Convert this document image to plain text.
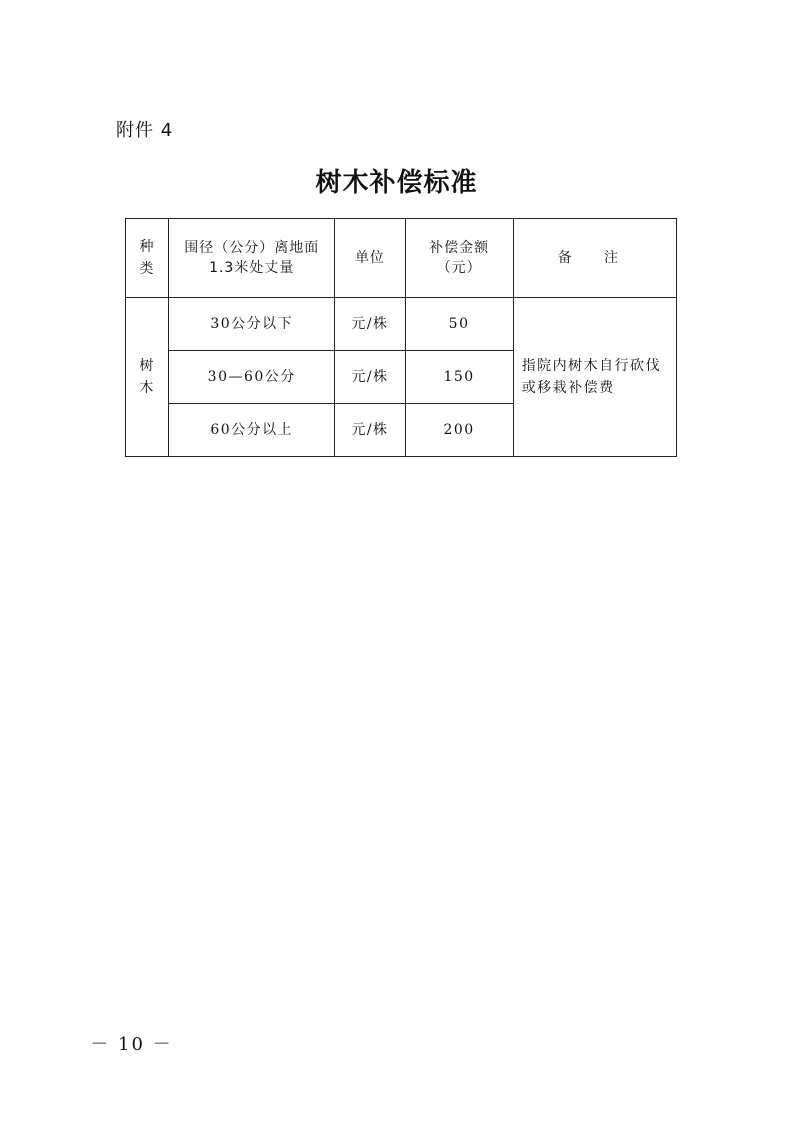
附件 4
树木补偿标准
种类	围径（公分）离地面1.3米处丈量	单位	补偿金额（元）	备 注
树木	30公分以下	元/株	50	指院内树木自行砍伐或移栽补偿费
	30—60公分	元/株	150	
	60公分以上	元/株	200	
－ 10 －
